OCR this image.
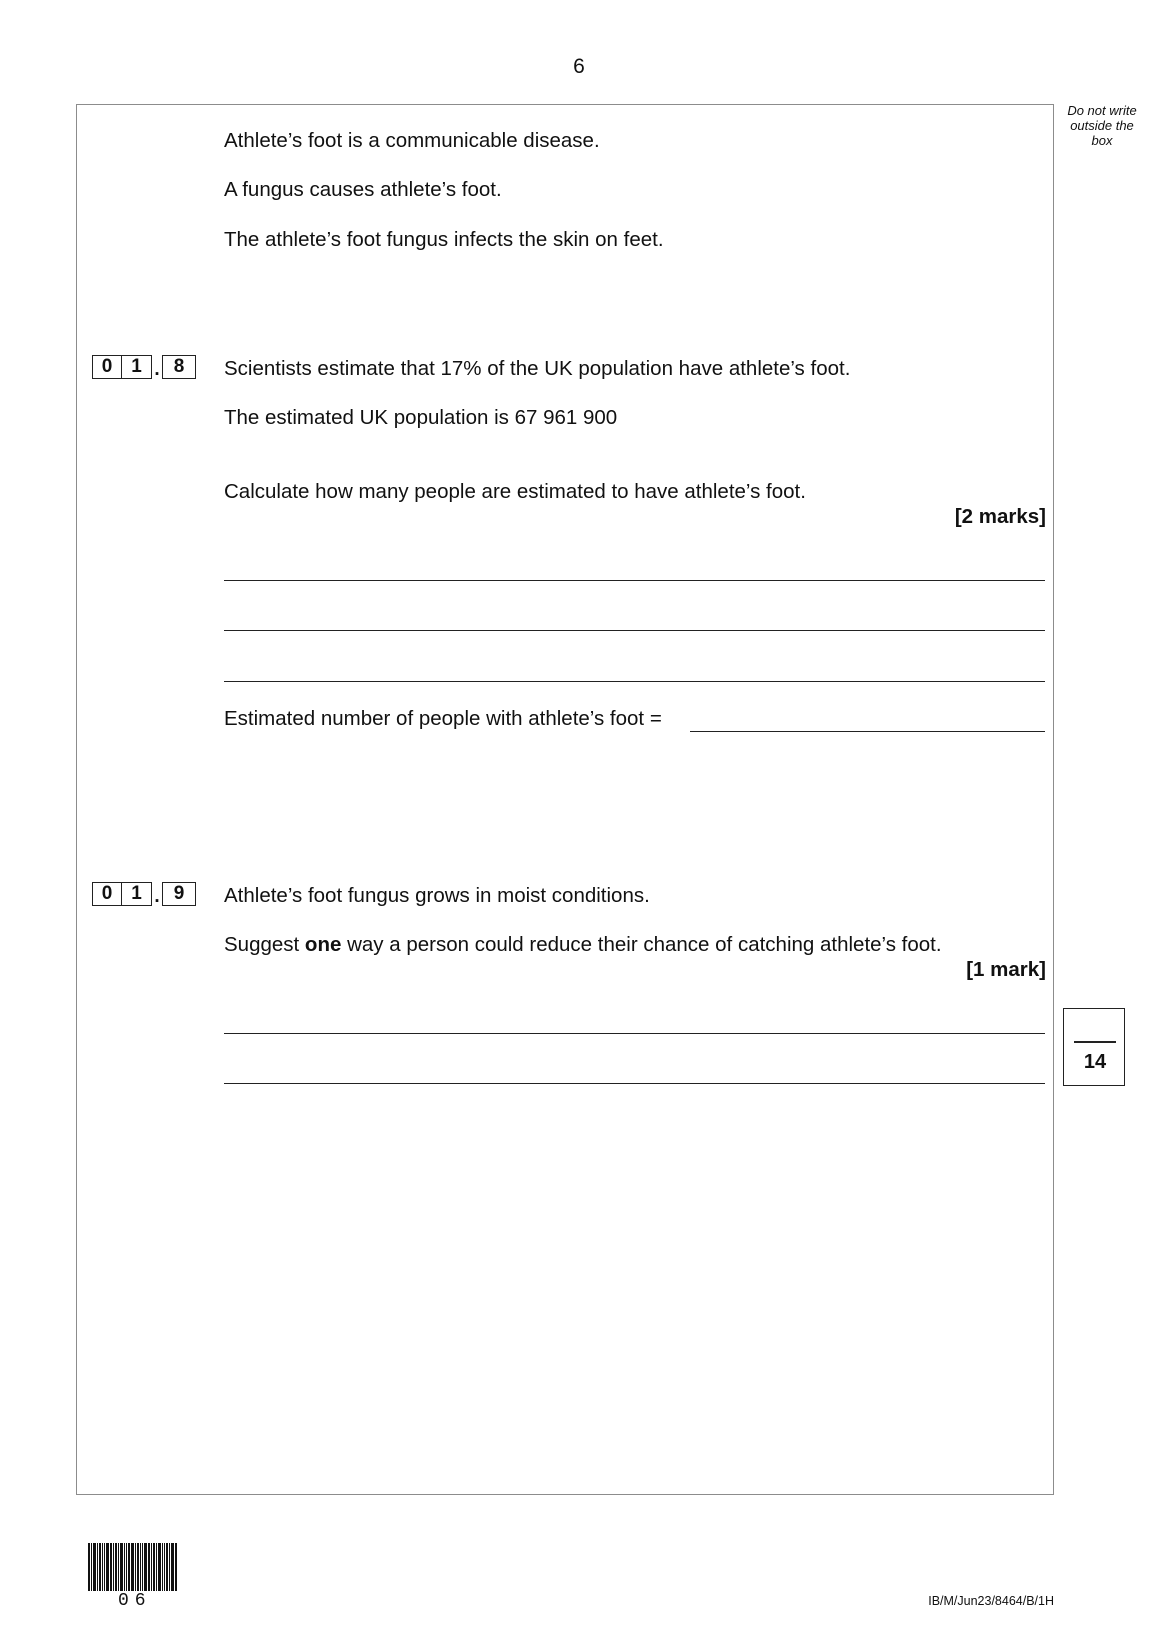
6
Do not write outside the box
Athlete’s foot is a communicable disease.
A fungus causes athlete’s foot.
The athlete’s foot fungus infects the skin on feet.
0 1 . 8	Scientists estimate that 17% of the UK population have athlete’s foot.
The estimated UK population is 67 961 900
Calculate how many people are estimated to have athlete’s foot.
[2 marks]
Estimated number of people with athlete’s foot =
0 1 . 9	Athlete’s foot fungus grows in moist conditions.
Suggest one way a person could reduce their chance of catching athlete’s foot.
[1 mark]
14
06	IB/M/Jun23/8464/B/1H
